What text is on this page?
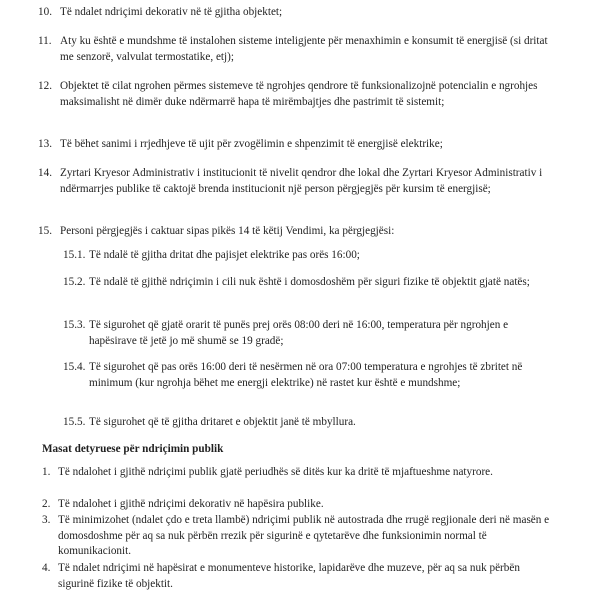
10. Të ndalet ndriçimi dekorativ në të gjitha objektet;
11. Aty ku është e mundshme të instalohen sisteme inteligjente për menaxhimin e konsumit të energjisë (si dritat me senzorë, valvulat termostatike, etj);
12. Objektet të cilat ngrohen përmes sistemeve të ngrohjes qendrore të funksionalizojnë potencialin e ngrohjes maksimalisht në dimër duke ndërmarrë hapa të mirëmbajtjes dhe pastrimit të sistemit;
13. Të bëhet sanimi i rrjedhjeve të ujit për zvogëlimin e shpenzimit të energjisë elektrike;
14. Zyrtari Kryesor Administrativ i institucionit të nivelit qendror dhe lokal dhe Zyrtari Kryesor Administrativ i ndërmarrjes publike të caktojë brenda institucionit një person përgjegjës për kursim të energjisë;
15. Personi përgjegjës i caktuar sipas pikës 14 të këtij Vendimi, ka përgjegjësi:
15.1. Të ndalë të gjitha dritat dhe pajisjet elektrike pas orës 16:00;
15.2. Të ndalë të gjithë ndriçimin i cili nuk është i domosdoshëm për siguri fizike të objektit gjatë natës;
15.3. Të sigurohet që gjatë orarit të punës prej orës 08:00 deri në 16:00, temperatura për ngrohjen e hapësirave të jetë jo më shumë se 19 gradë;
15.4. Të sigurohet që pas orës 16:00 deri të nesërmen në ora 07:00 temperatura e ngrohjes të zbritet në minimum (kur ngrohja bëhet me energji elektrike) në rastet kur është e mundshme;
15.5. Të sigurohet që të gjitha dritaret e objektit janë të mbyllura.
Masat detyruese për ndriçimin publik
1. Të ndalohet i gjithë ndriçimi publik gjatë periudhës së ditës kur ka dritë të mjaftueshme natyrore.
2. Të ndalohet i gjithë ndriçimi dekorativ në hapësira publike.
3. Të minimizohet (ndalet çdo e treta llambë) ndriçimi publik në autostrada dhe rrugë regjionale deri në masën e domosdoshme për aq sa nuk përbën rrezik për sigurinë e qytetarëve dhe funksionimin normal të komunikacionit.
4. Të ndalet ndriçimi në hapësirat e monumenteve historike, lapidarëve dhe muzeve, për aq sa nuk përbën sigurinë fizike të objektit.
